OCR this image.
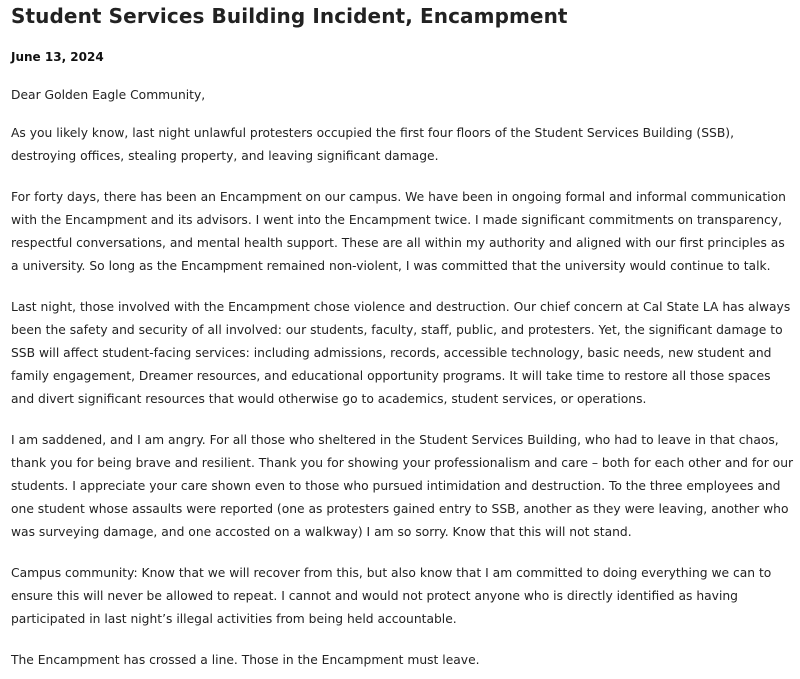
Student Services Building Incident, Encampment

June 13, 2024

Dear Golden Eagle Community,

As you likely know, last night unlawful protesters occupied the first four floors of the Student Services Building (SSB), destroying offices, stealing property, and leaving significant damage.

For forty days, there has been an Encampment on our campus. We have been in ongoing formal and informal communication with the Encampment and its advisors. I went into the Encampment twice. I made significant commitments on transparency, respectful conversations, and mental health support. These are all within my authority and aligned with our first principles as a university. So long as the Encampment remained non-violent, I was committed that the university would continue to talk.

Last night, those involved with the Encampment chose violence and destruction. Our chief concern at Cal State LA has always been the safety and security of all involved: our students, faculty, staff, public, and protesters. Yet, the significant damage to SSB will affect student-facing services: including admissions, records, accessible technology, basic needs, new student and family engagement, Dreamer resources, and educational opportunity programs. It will take time to restore all those spaces and divert significant resources that would otherwise go to academics, student services, or operations.

I am saddened, and I am angry. For all those who sheltered in the Student Services Building, who had to leave in that chaos, thank you for being brave and resilient. Thank you for showing your professionalism and care – both for each other and for our students. I appreciate your care shown even to those who pursued intimidation and destruction. To the three employees and one student whose assaults were reported (one as protesters gained entry to SSB, another as they were leaving, another who was surveying damage, and one accosted on a walkway) I am so sorry. Know that this will not stand.

Campus community: Know that we will recover from this, but also know that I am committed to doing everything we can to ensure this will never be allowed to repeat. I cannot and would not protect anyone who is directly identified as having participated in last night’s illegal activities from being held accountable.

The Encampment has crossed a line. Those in the Encampment must leave.
